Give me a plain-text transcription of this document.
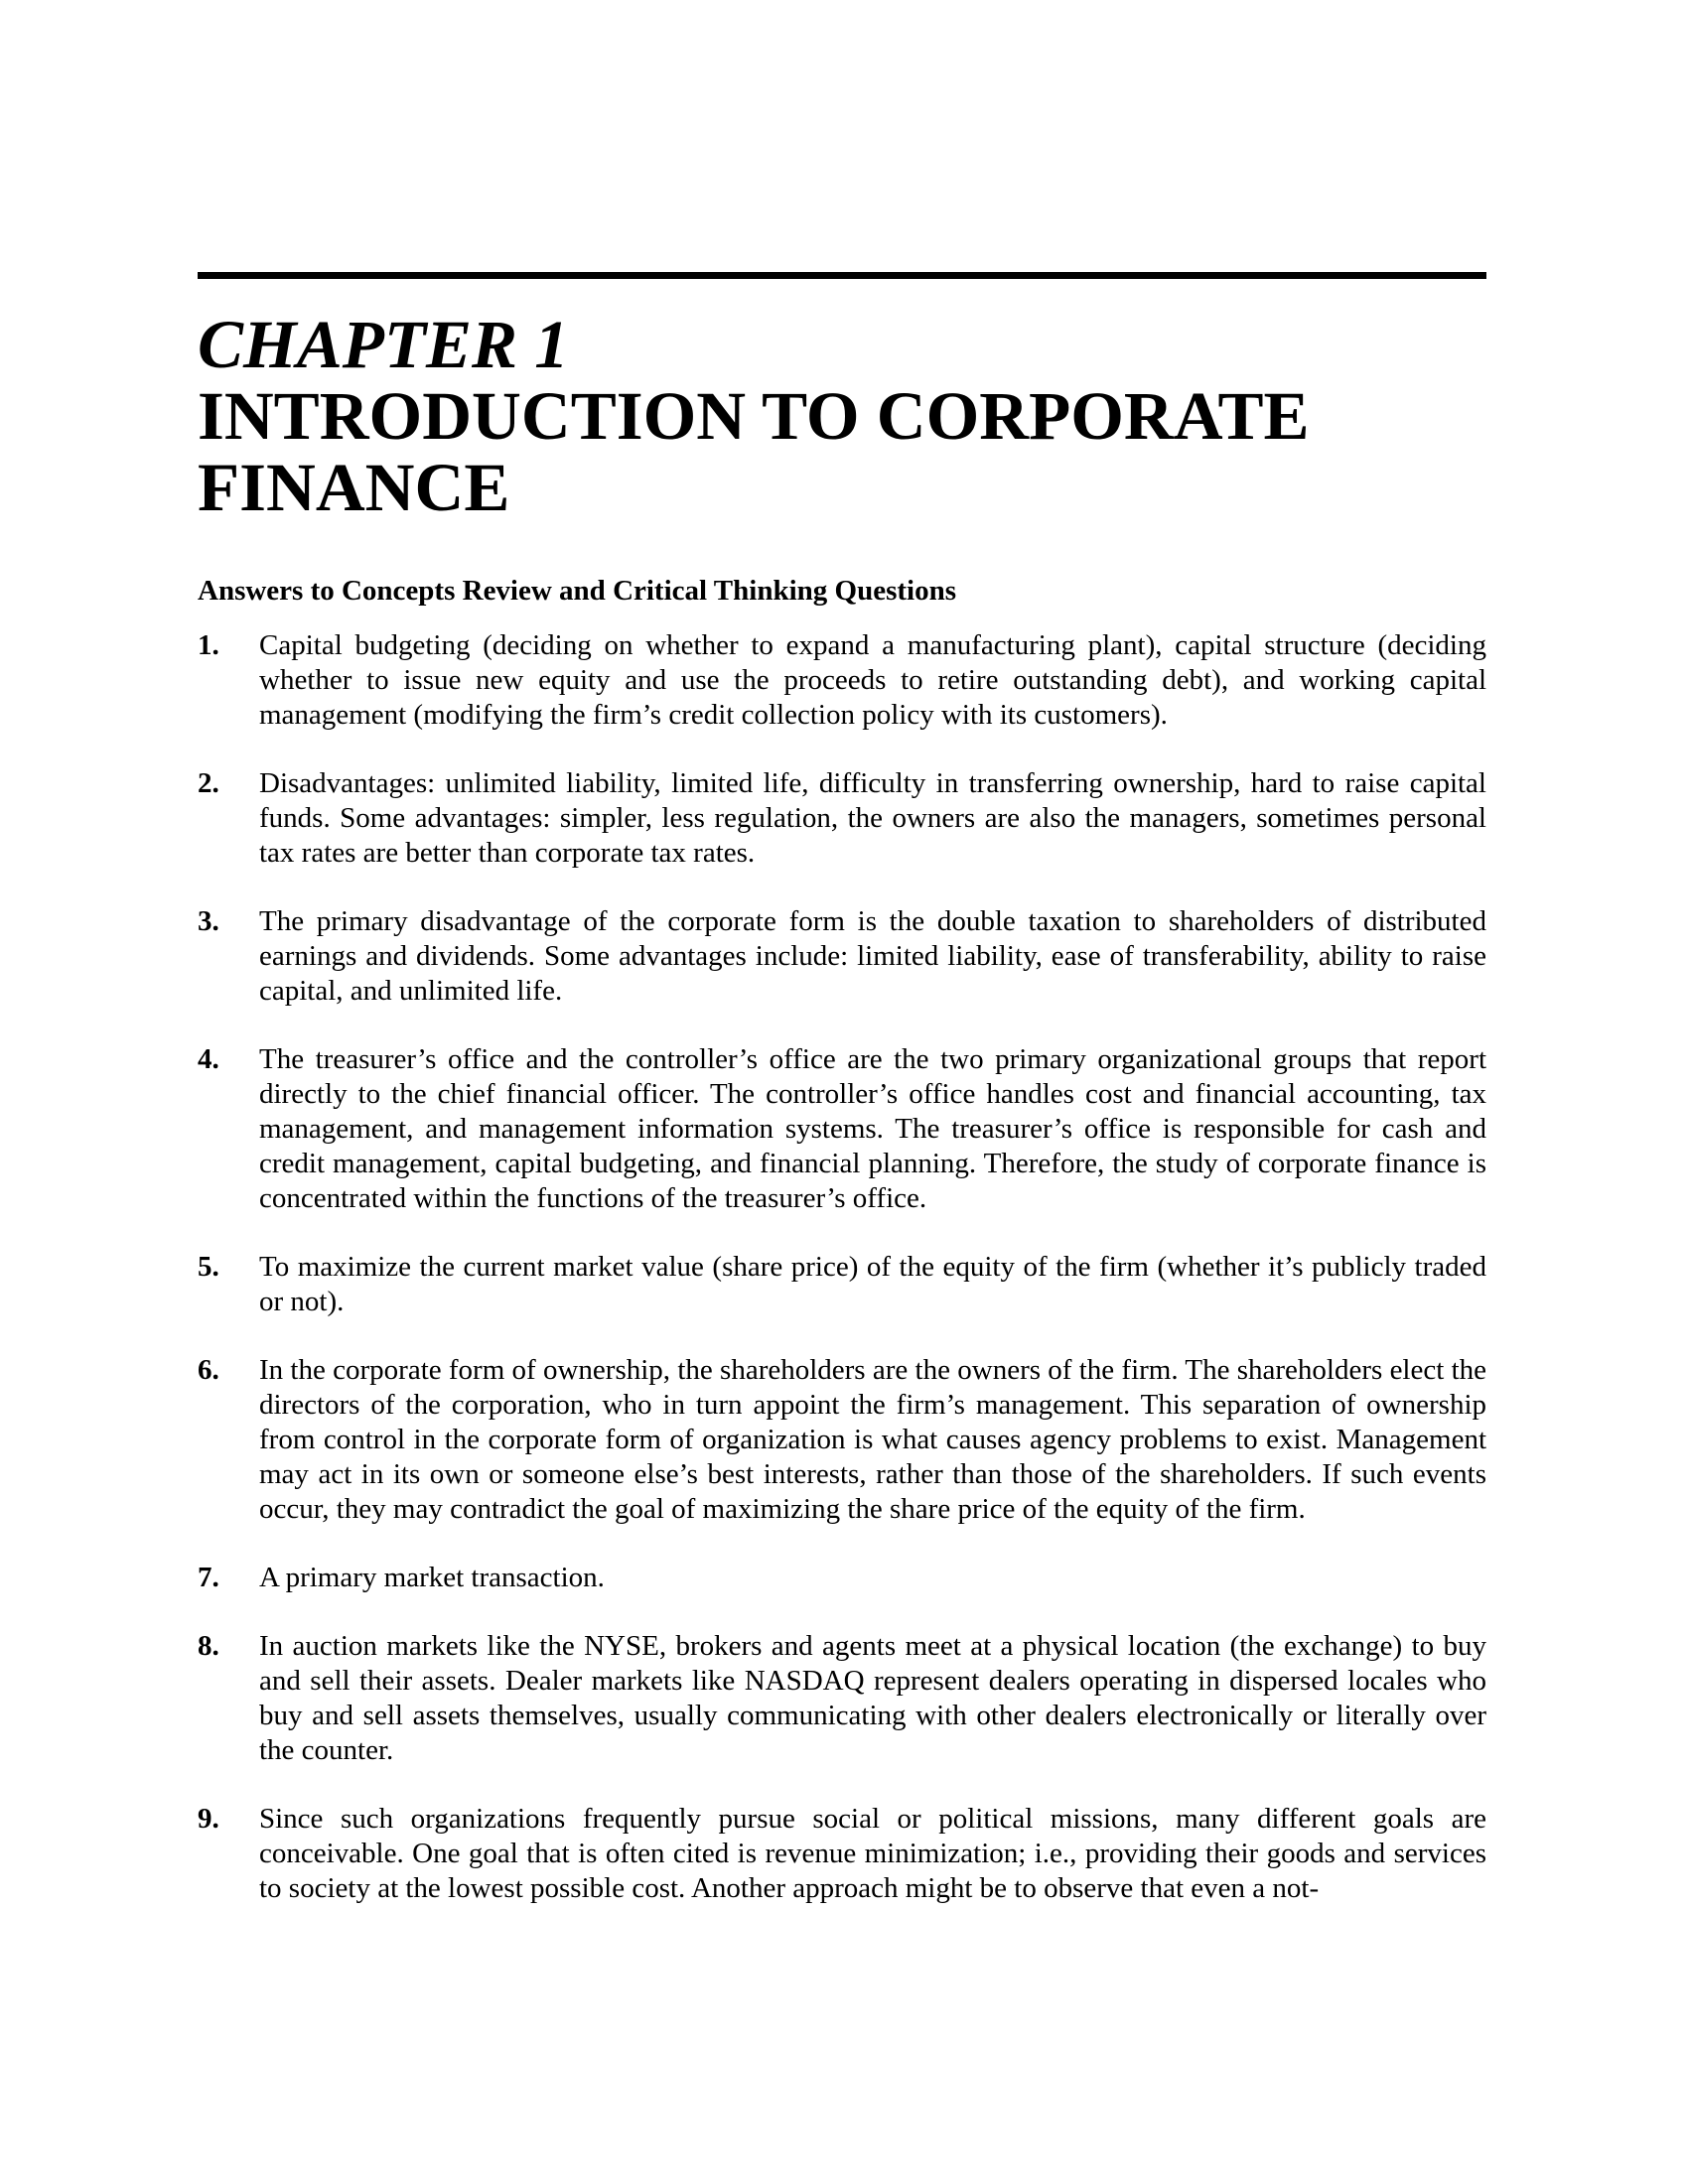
CHAPTER 1
INTRODUCTION TO CORPORATE FINANCE
Answers to Concepts Review and Critical Thinking Questions
1.	Capital budgeting (deciding on whether to expand a manufacturing plant), capital structure (deciding whether to issue new equity and use the proceeds to retire outstanding debt), and working capital management (modifying the firm’s credit collection policy with its customers).
2.	Disadvantages: unlimited liability, limited life, difficulty in transferring ownership, hard to raise capital funds. Some advantages: simpler, less regulation, the owners are also the managers, sometimes personal tax rates are better than corporate tax rates.
3.	The primary disadvantage of the corporate form is the double taxation to shareholders of distributed earnings and dividends. Some advantages include: limited liability, ease of transferability, ability to raise capital, and unlimited life.
4.	The treasurer’s office and the controller’s office are the two primary organizational groups that report directly to the chief financial officer. The controller’s office handles cost and financial accounting, tax management, and management information systems. The treasurer’s office is responsible for cash and credit management, capital budgeting, and financial planning. Therefore, the study of corporate finance is concentrated within the functions of the treasurer’s office.
5.	To maximize the current market value (share price) of the equity of the firm (whether it’s publicly traded or not).
6.	In the corporate form of ownership, the shareholders are the owners of the firm. The shareholders elect the directors of the corporation, who in turn appoint the firm’s management. This separation of ownership from control in the corporate form of organization is what causes agency problems to exist. Management may act in its own or someone else’s best interests, rather than those of the shareholders. If such events occur, they may contradict the goal of maximizing the share price of the equity of the firm.
7.	A primary market transaction.
8.	In auction markets like the NYSE, brokers and agents meet at a physical location (the exchange) to buy and sell their assets. Dealer markets like NASDAQ represent dealers operating in dispersed locales who buy and sell assets themselves, usually communicating with other dealers electronically or literally over the counter.
9.	Since such organizations frequently pursue social or political missions, many different goals are conceivable. One goal that is often cited is revenue minimization; i.e., providing their goods and services to society at the lowest possible cost. Another approach might be to observe that even a not-
